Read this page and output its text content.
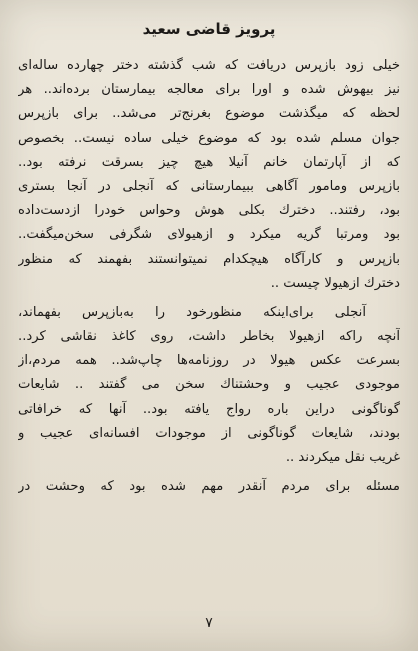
پرویز قاضی سعید
خیلی زود بازپرس دریافت که شب گذشته دختر چهارده ساله‌ای
نیز بیهوش شده و اورا برای معالجه بیمارستان برده‌اند.. هر
لحظه که میگذشت موضوع بغرنج‌تر می‌شد.. برای بازپرس
جوان مسلم شده بود که موضوع خیلی ساده نیست.. بخصوص
که از آپارتمان خانم آنیلا هیچ چیز بسرقت نرفته بود..
بازپرس ومامور آگاهی ببیمارستانی که آنجلی در آنجا بستری
بود، رفتند.. دخترك بكلی هوش وحواس خودرا ازدست‌داده
بود ومرتبا گریه میکرد و ازهیولای شگرفی سخن‌میگفت..
بازپرس و کارآگاه هیچکدام نمیتوانستند بفهمند که منظور
دخترك ازهیولا چیست ..
آنجلی برای‌اینکه منظورخود را به‌بازپرس بفهماند،
آنچه راکه ازهیولا بخاطر داشت، روی کاغذ نقاشی کرد..
بسرعت عکس هیولا در روزنامه‌ها چاپ‌شد.. همه مردم،از
موجودی عجیب و وحشتناك سخن می گفتند .. شایعات
گوناگونی دراین باره رواج یافته بود.. آنها که خرافاتی
بودند، شایعات گوناگونی از موجودات افسانه‌ای عجیب و
غریب نقل میکردند ..
مسئله برای مردم آنقدر مهم شده بود که وحشت در
۷
